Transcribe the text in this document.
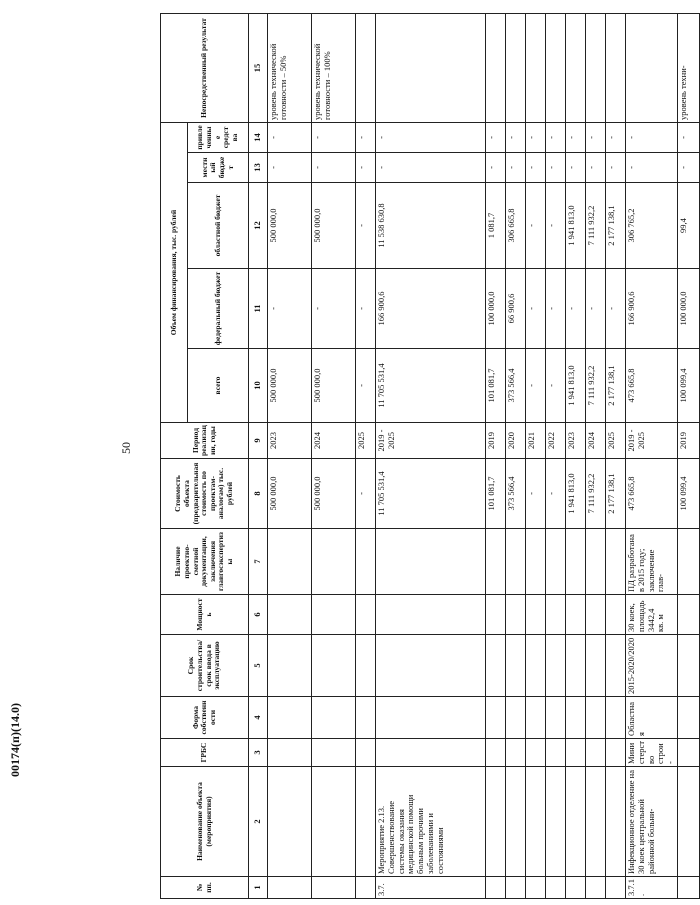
50
00174(п)(14.0)
№ пп.	Наименование объекта (мероприятия)	ГРБС	Форма собственности	Срок строительства/срок ввода в эксплуатацию	Мощность	Наличие проектно-сметной документации, заключения главгосэкспертизы	Стоимость объекта (предварительная стоимость по проектам-аналогам) тыс. рублей	Период реализации, годы	Объем финансирования, тыс. рублей					Непосредственный результат
									всего	федеральный бюджет	областной бюджет	местный бюджет	привлеченные средства	
1	2	3	4	5	6	7	8	9	10	11	12	13	14	15
							500 000,0	2023	500 000,0	-	500 000,0	-	-	уровень технической готовности – 50%
							500 000,0	2024	500 000,0	-	500 000,0	-	-	уровень технической готовности – 100%
							-	2025	-	-	-	-	-	
3.7.	Мероприятие 2.13. Совершенствование системы оказания медицинской помощи больным прочими заболеваниями и состояниями						11 705 531,4	2019 - 2025	11 705 531,4	166 900,6	11 538 630,8	-	-	
							101 081,7	2019	101 081,7	100 000,0	1 081,7	-	-	
							373 566,4	2020	373 566,4	66 900,6	306 665,8	-	-	
							-	2021	-	-	-	-	-	
							-	2022	-	-	-	-	-	
							1 941 813,0	2023	1 941 813,0	-	1 941 813,0	-	-	
							7 111 932,2	2024	7 111 932,2	-	7 111 932,2	-	-	
							2 177 138,1	2025	2 177 138,1	-	2 177 138,1	-	-	
3.7.1.	Инфекционное отделение на 30 коек центральной районной больни-	Министерство строи-	Областная	2015-2020/2020	30 коек, площадь 3442,4 кв. м	ПД разработана в 2015 году; заключение глав-	473 665,8	2019 - 2025	473 665,8	166 900,6	306 765,2	-	-	
							100 099,4	2019	100 099,4	100 000,0	99,4	-	-	уровень техни-
